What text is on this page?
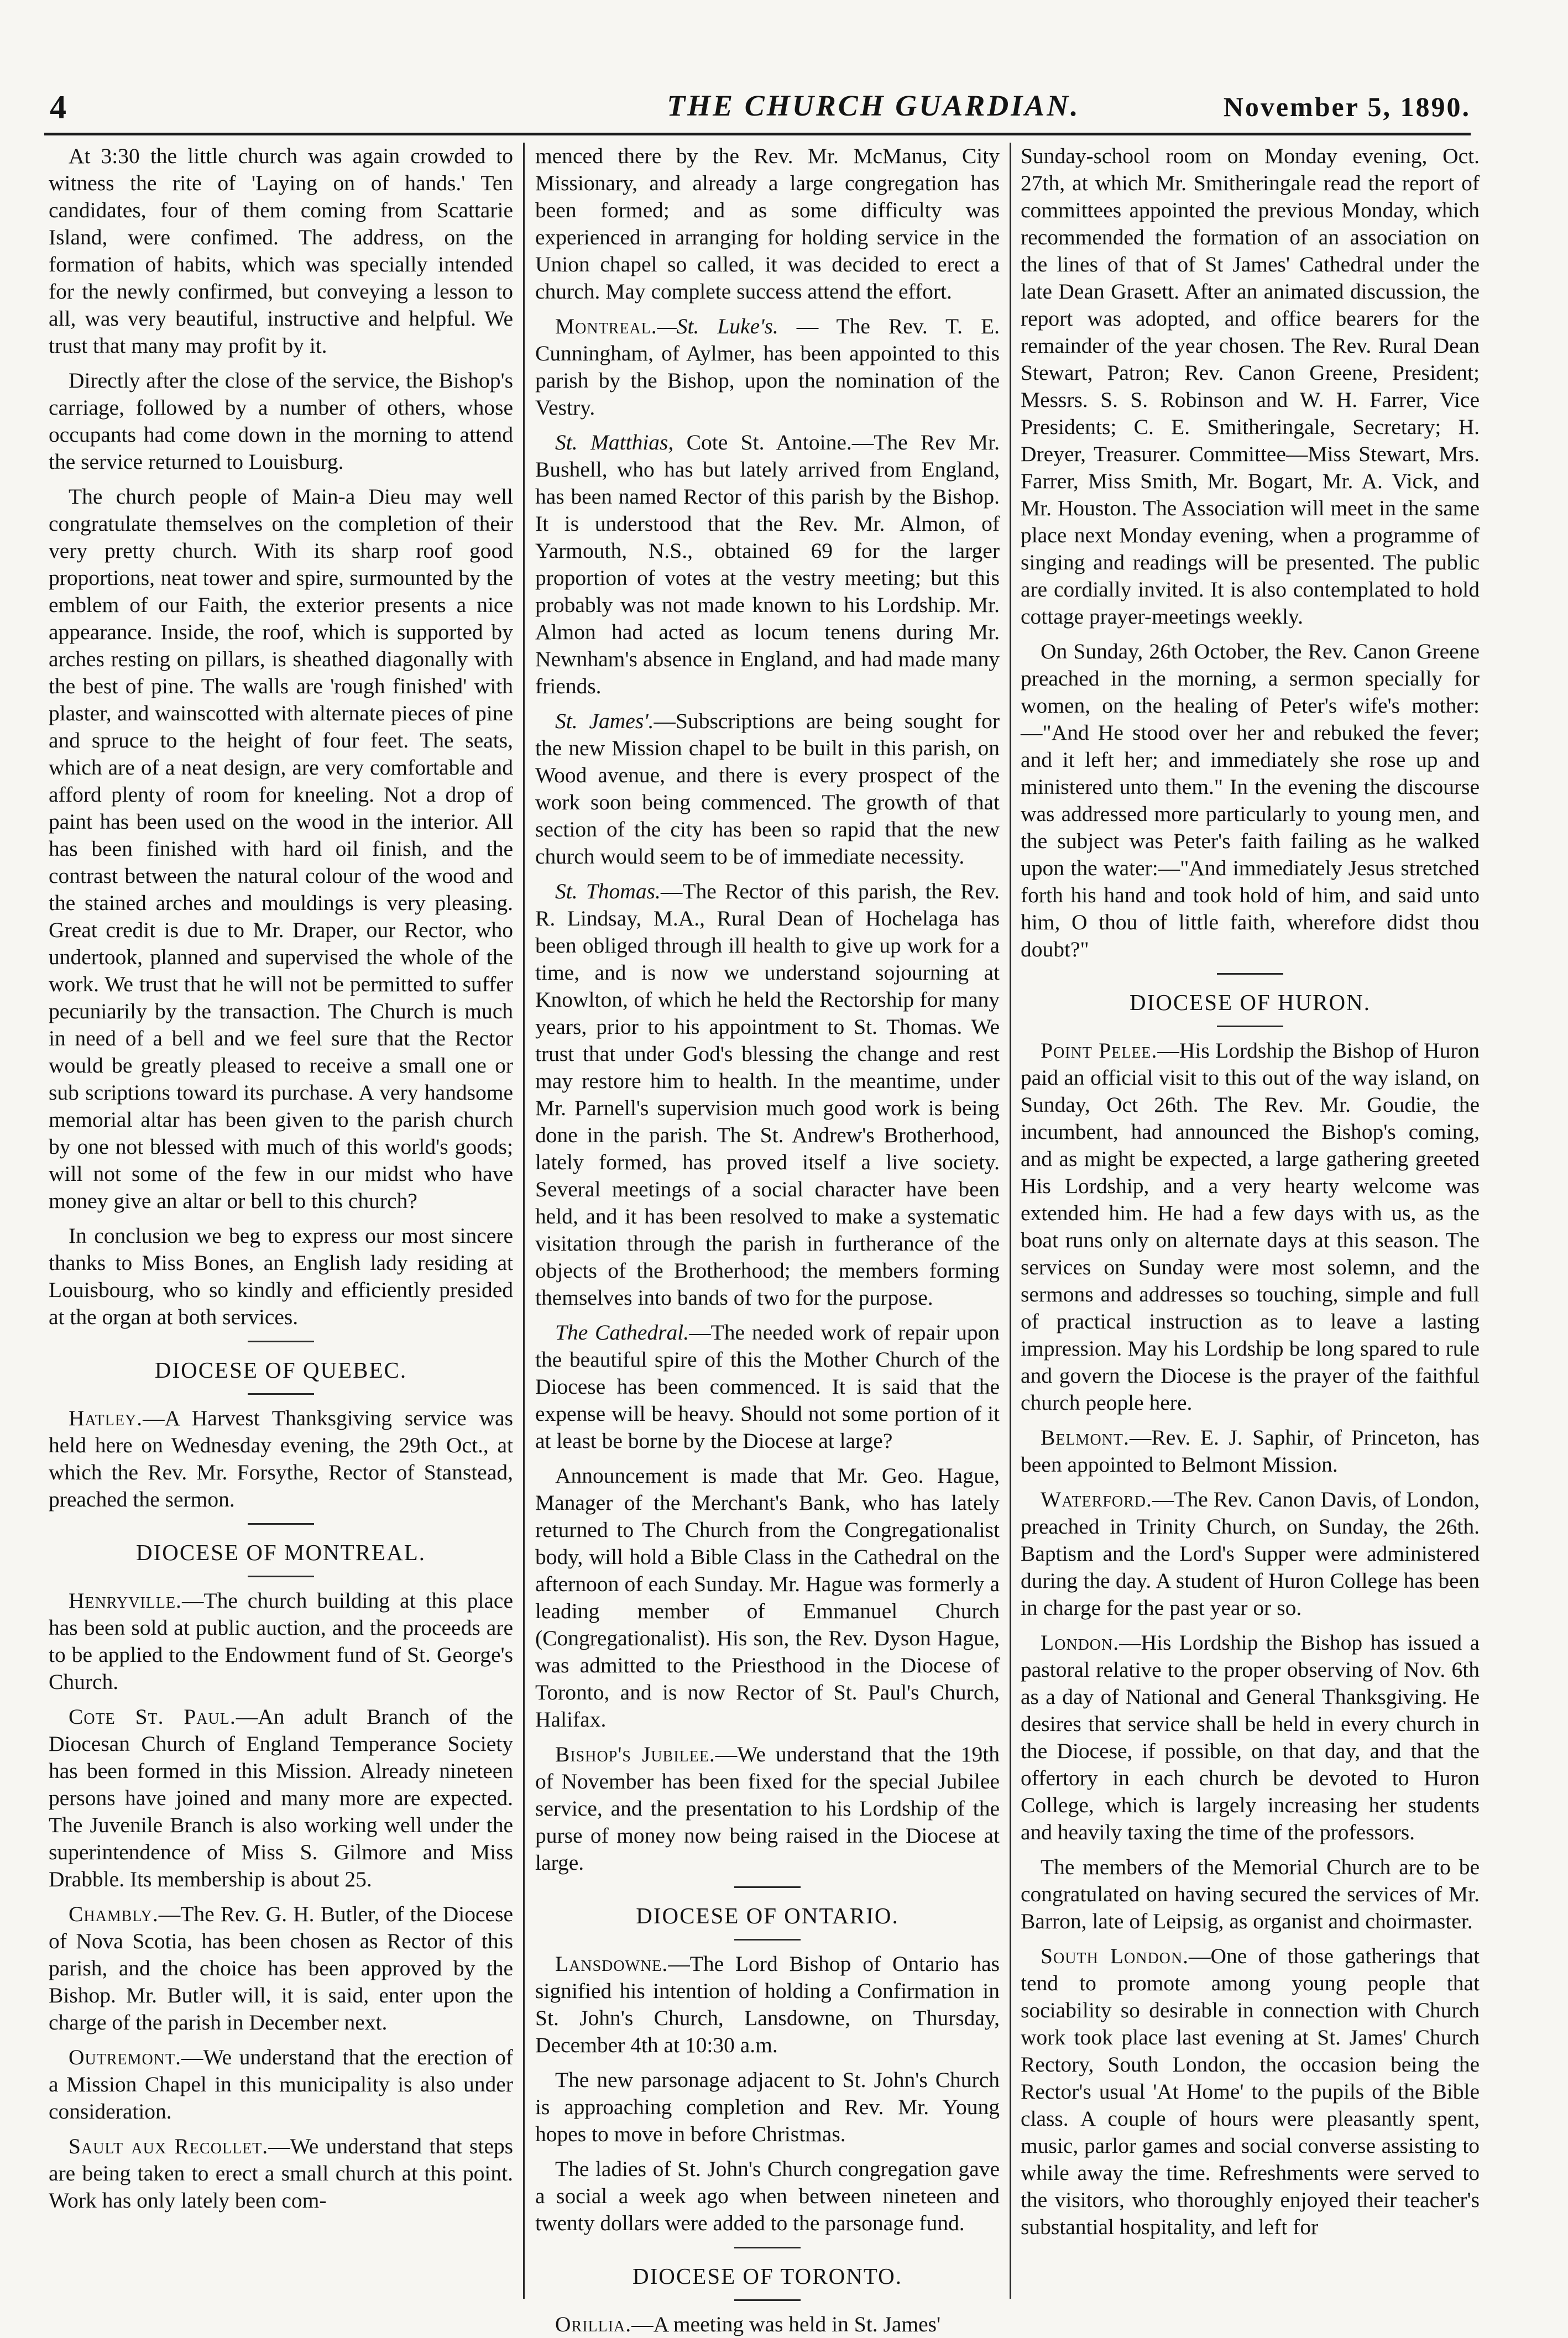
4	THE CHURCH GUARDIAN.	November 5, 1890.

At 3:30 the little church was again crowded to witness the rite of 'Laying on of hands.' Ten candidates, four of them coming from Scattarie Island, were confimed. The address, on the formation of habits, which was specially intended for the newly confirmed, but conveying a lesson to all, was very beautiful, instructive and helpful. We trust that many may profit by it.

Directly after the close of the service, the Bishop's carriage, followed by a number of others, whose occupants had come down in the morning to attend the service returned to Louisburg.

The church people of Main-a Dieu may well congratulate themselves on the completion of their very pretty church. With its sharp roof good proportions, neat tower and spire, surmounted by the emblem of our Faith, the exterior presents a nice appearance. Inside, the roof, which is supported by arches resting on pillars, is sheathed diagonally with the best of pine. The walls are 'rough finished' with plaster, and wainscotted with alternate pieces of pine and spruce to the height of four feet. The seats, which are of a neat design, are very comfortable and afford plenty of room for kneeling. Not a drop of paint has been used on the wood in the interior. All has been finished with hard oil finish, and the contrast between the natural colour of the wood and the stained arches and mouldings is very pleasing. Great credit is due to Mr. Draper, our Rector, who undertook, planned and supervised the whole of the work. We trust that he will not be permitted to suffer pecuniarily by the transaction. The Church is much in need of a bell and we feel sure that the Rector would be greatly pleased to receive a small one or sub scriptions toward its purchase. A very handsome memorial altar has been given to the parish church by one not blessed with much of this world's goods; will not some of the few in our midst who have money give an altar or bell to this church?

In conclusion we beg to express our most sincere thanks to Miss Bones, an English lady residing at Louisbourg, who so kindly and efficiently presided at the organ at both services.

DIOCESE OF QUEBEC.

Hatley.—A Harvest Thanksgiving service was held here on Wednesday evening, the 29th Oct., at which the Rev. Mr. Forsythe, Rector of Stanstead, preached the sermon.

DIOCESE OF MONTREAL.

Henryville.—The church building at this place has been sold at public auction, and the proceeds are to be applied to the Endowment fund of St. George's Church.

Cote St. Paul.—An adult Branch of the Diocesan Church of England Temperance Society has been formed in this Mission. Already nineteen persons have joined and many more are expected. The Juvenile Branch is also working well under the superintendence of Miss S. Gilmore and Miss Drabble. Its membership is about 25.

Chambly.—The Rev. G. H. Butler, of the Diocese of Nova Scotia, has been chosen as Rector of this parish, and the choice has been approved by the Bishop. Mr. Butler will, it is said, enter upon the charge of the parish in December next.

Outremont.—We understand that the erection of a Mission Chapel in this municipality is also under consideration.

Sault aux Recollet.—We understand that steps are being taken to erect a small church at this point. Work has only lately been com-

menced there by the Rev. Mr. McManus, City Missionary, and already a large congregation has been formed; and as some difficulty was experienced in arranging for holding service in the Union chapel so called, it was decided to erect a church. May complete success attend the effort.

Montreal.—St. Luke's. — The Rev. T. E. Cunningham, of Aylmer, has been appointed to this parish by the Bishop, upon the nomination of the Vestry.

St. Matthias, Cote St. Antoine.—The Rev Mr. Bushell, who has but lately arrived from England, has been named Rector of this parish by the Bishop. It is understood that the Rev. Mr. Almon, of Yarmouth, N.S., obtained 69 for the larger proportion of votes at the vestry meeting; but this probably was not made known to his Lordship. Mr. Almon had acted as locum tenens during Mr. Newnham's absence in England, and had made many friends.

St. James'.—Subscriptions are being sought for the new Mission chapel to be built in this parish, on Wood avenue, and there is every prospect of the work soon being commenced. The growth of that section of the city has been so rapid that the new church would seem to be of immediate necessity.

St. Thomas.—The Rector of this parish, the Rev. R. Lindsay, M.A., Rural Dean of Hochelaga has been obliged through ill health to give up work for a time, and is now we understand sojourning at Knowlton, of which he held the Rectorship for many years, prior to his appointment to St. Thomas. We trust that under God's blessing the change and rest may restore him to health. In the meantime, under Mr. Parnell's supervision much good work is being done in the parish. The St. Andrew's Brotherhood, lately formed, has proved itself a live society. Several meetings of a social character have been held, and it has been resolved to make a systematic visitation through the parish in furtherance of the objects of the Brotherhood; the members forming themselves into bands of two for the purpose.

The Cathedral.—The needed work of repair upon the beautiful spire of this the Mother Church of the Diocese has been commenced. It is said that the expense will be heavy. Should not some portion of it at least be borne by the Diocese at large?

Announcement is made that Mr. Geo. Hague, Manager of the Merchant's Bank, who has lately returned to The Church from the Congregationalist body, will hold a Bible Class in the Cathedral on the afternoon of each Sunday. Mr. Hague was formerly a leading member of Emmanuel Church (Congregationalist). His son, the Rev. Dyson Hague, was admitted to the Priesthood in the Diocese of Toronto, and is now Rector of St. Paul's Church, Halifax.

Bishop's Jubilee.—We understand that the 19th of November has been fixed for the special Jubilee service, and the presentation to his Lordship of the purse of money now being raised in the Diocese at large.

DIOCESE OF ONTARIO.

Lansdowne.—The Lord Bishop of Ontario has signified his intention of holding a Confirmation in St. John's Church, Lansdowne, on Thursday, December 4th at 10:30 a.m.

The new parsonage adjacent to St. John's Church is approaching completion and Rev. Mr. Young hopes to move in before Christmas.

The ladies of St. John's Church congregation gave a social a week ago when between nineteen and twenty dollars were added to the parsonage fund.

DIOCESE OF TORONTO.

Orillia.—A meeting was held in St. James'

Sunday-school room on Monday evening, Oct. 27th, at which Mr. Smitheringale read the report of committees appointed the previous Monday, which recommended the formation of an association on the lines of that of St James' Cathedral under the late Dean Grasett. After an animated discussion, the report was adopted, and office bearers for the remainder of the year chosen. The Rev. Rural Dean Stewart, Patron; Rev. Canon Greene, President; Messrs. S. S. Robinson and W. H. Farrer, Vice Presidents; C. E. Smitheringale, Secretary; H. Dreyer, Treasurer. Committee—Miss Stewart, Mrs. Farrer, Miss Smith, Mr. Bogart, Mr. A. Vick, and Mr. Houston. The Association will meet in the same place next Monday evening, when a programme of singing and readings will be presented. The public are cordially invited. It is also contemplated to hold cottage prayer-meetings weekly.

On Sunday, 26th October, the Rev. Canon Greene preached in the morning, a sermon specially for women, on the healing of Peter's wife's mother:—"And He stood over her and rebuked the fever; and it left her; and immediately she rose up and ministered unto them." In the evening the discourse was addressed more particularly to young men, and the subject was Peter's faith failing as he walked upon the water:—"And immediately Jesus stretched forth his hand and took hold of him, and said unto him, O thou of little faith, wherefore didst thou doubt?"

DIOCESE OF HURON.

Point Pelee.—His Lordship the Bishop of Huron paid an official visit to this out of the way island, on Sunday, Oct 26th. The Rev. Mr. Goudie, the incumbent, had announced the Bishop's coming, and as might be expected, a large gathering greeted His Lordship, and a very hearty welcome was extended him. He had a few days with us, as the boat runs only on alternate days at this season. The services on Sunday were most solemn, and the sermons and addresses so touching, simple and full of practical instruction as to leave a lasting impression. May his Lordship be long spared to rule and govern the Diocese is the prayer of the faithful church people here.

Belmont.—Rev. E. J. Saphir, of Princeton, has been appointed to Belmont Mission.

Waterford.—The Rev. Canon Davis, of London, preached in Trinity Church, on Sunday, the 26th. Baptism and the Lord's Supper were administered during the day. A student of Huron College has been in charge for the past year or so.

London.—His Lordship the Bishop has issued a pastoral relative to the proper observing of Nov. 6th as a day of National and General Thanksgiving. He desires that service shall be held in every church in the Diocese, if possible, on that day, and that the offertory in each church be devoted to Huron College, which is largely increasing her students and heavily taxing the time of the professors.

The members of the Memorial Church are to be congratulated on having secured the services of Mr. Barron, late of Leipsig, as organist and choirmaster.

South London.—One of those gatherings that tend to promote among young people that sociability so desirable in connection with Church work took place last evening at St. James' Church Rectory, South London, the occasion being the Rector's usual 'At Home' to the pupils of the Bible class. A couple of hours were pleasantly spent, music, parlor games and social converse assisting to while away the time. Refreshments were served to the visitors, who thoroughly enjoyed their teacher's substantial hospitality, and left for
